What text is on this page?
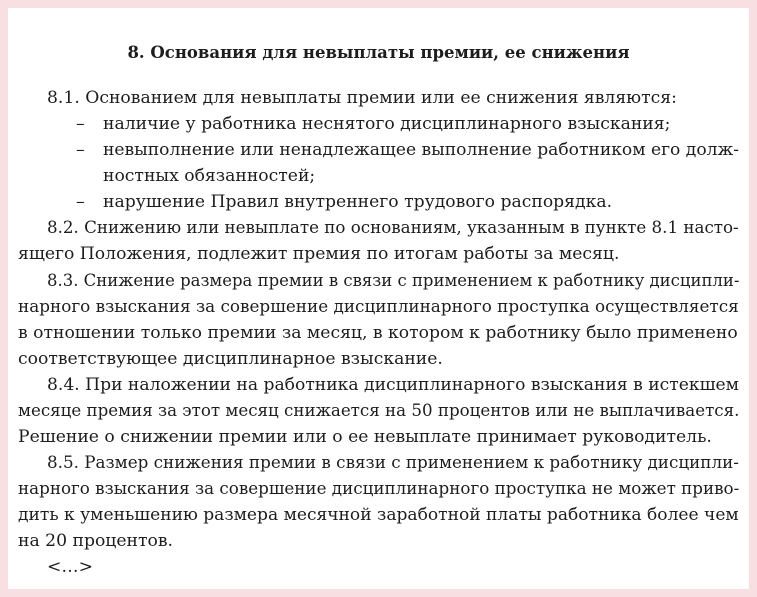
8. Основания для невыплаты премии, ее снижения
8.1. Основанием для невыплаты премии или ее снижения являются:
– наличие у работника неснятого дисциплинарного взыскания;
– невыполнение или ненадлежащее выполнение работником его долж-
ностных обязанностей;
– нарушение Правил внутреннего трудового распорядка.
8.2. Снижению или невыплате по основаниям, указанным в пункте 8.1 насто-
ящего Положения, подлежит премия по итогам работы за месяц.
8.3. Снижение размера премии в связи с применением к работнику дисципли-
нарного взыскания за совершение дисциплинарного проступка осуществляется
в отношении только премии за месяц, в котором к работнику было применено
соответствующее дисциплинарное взыскание.
8.4. При наложении на работника дисциплинарного взыскания в истекшем
месяце премия за этот месяц снижается на 50 процентов или не выплачивается.
Решение о снижении премии или о ее невыплате принимает руководитель.
8.5. Размер снижения премии в связи с применением к работнику дисципли-
нарного взыскания за совершение дисциплинарного проступка не может приво-
дить к уменьшению размера месячной заработной платы работника более чем
на 20 процентов.
<…>
